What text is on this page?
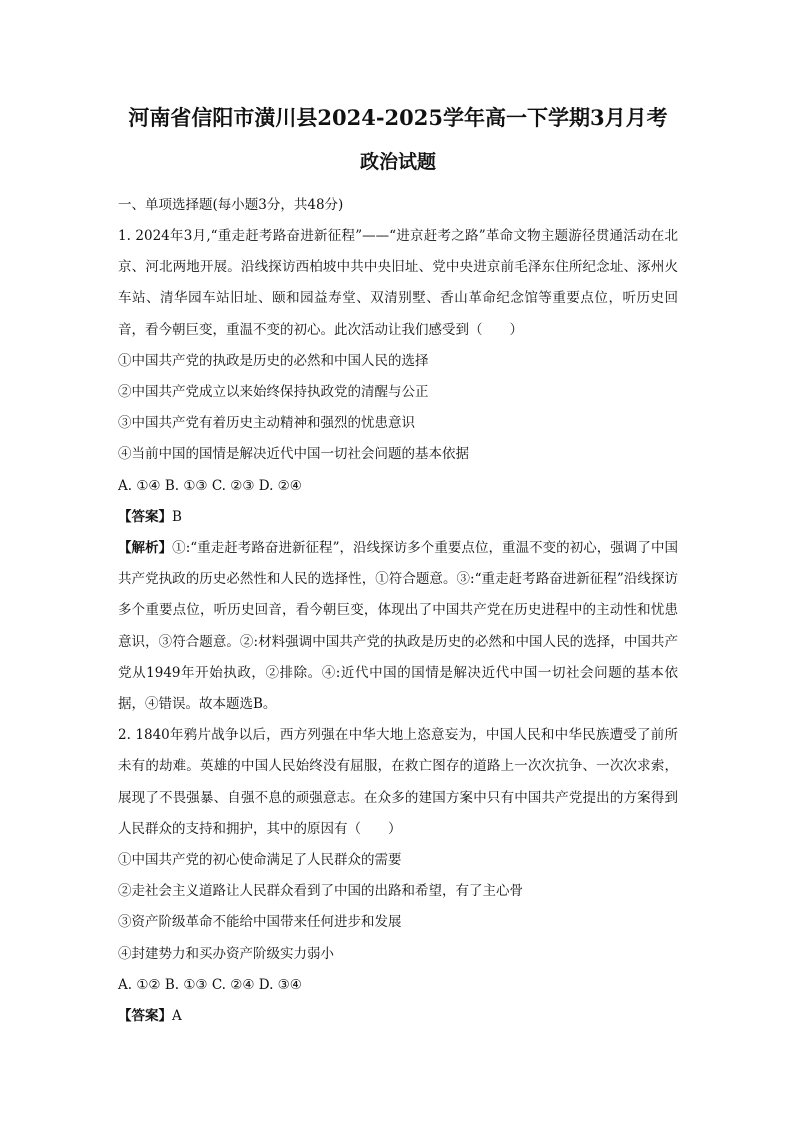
河南省信阳市潢川县2024-2025学年高一下学期3月月考
政治试题

一、单项选择题(每小题3分，共48分)

1. 2024年3月,“重走赶考路奋进新征程”——“进京赶考之路”革命文物主题游径贯通活动在北京、河北两地开展。沿线探访西柏坡中共中央旧址、党中央进京前毛泽东住所纪念址、涿州火车站、清华园车站旧址、颐和园益寿堂、双清别墅、香山革命纪念馆等重要点位，听历史回音，看今朝巨变，重温不变的初心。此次活动让我们感受到（　　）

①中国共产党的执政是历史的必然和中国人民的选择

②中国共产党成立以来始终保持执政党的清醒与公正

③中国共产党有着历史主动精神和强烈的忧患意识

④当前中国的国情是解决近代中国一切社会问题的基本依据

A. ①④ B. ①③ C. ②③ D. ②④

【答案】B

【解析】①:“重走赶考路奋进新征程”，沿线探访多个重要点位，重温不变的初心，强调了中国共产党执政的历史必然性和人民的选择性，①符合题意。③:“重走赶考路奋进新征程”沿线探访多个重要点位，听历史回音，看今朝巨变，体现出了中国共产党在历史进程中的主动性和忧患意识，③符合题意。②:材料强调中国共产党的执政是历史的必然和中国人民的选择，中国共产党从1949年开始执政，②排除。④:近代中国的国情是解决近代中国一切社会问题的基本依据，④错误。故本题选B。

2. 1840年鸦片战争以后，西方列强在中华大地上恣意妄为，中国人民和中华民族遭受了前所未有的劫难。英雄的中国人民始终没有屈服，在救亡图存的道路上一次次抗争、一次次求索，展现了不畏强暴、自强不息的顽强意志。在众多的建国方案中只有中国共产党提出的方案得到人民群众的支持和拥护，其中的原因有（　　）

①中国共产党的初心使命满足了人民群众的需要

②走社会主义道路让人民群众看到了中国的出路和希望，有了主心骨

③资产阶级革命不能给中国带来任何进步和发展

④封建势力和买办资产阶级实力弱小

A. ①② B. ①③ C. ②④ D. ③④

【答案】A
